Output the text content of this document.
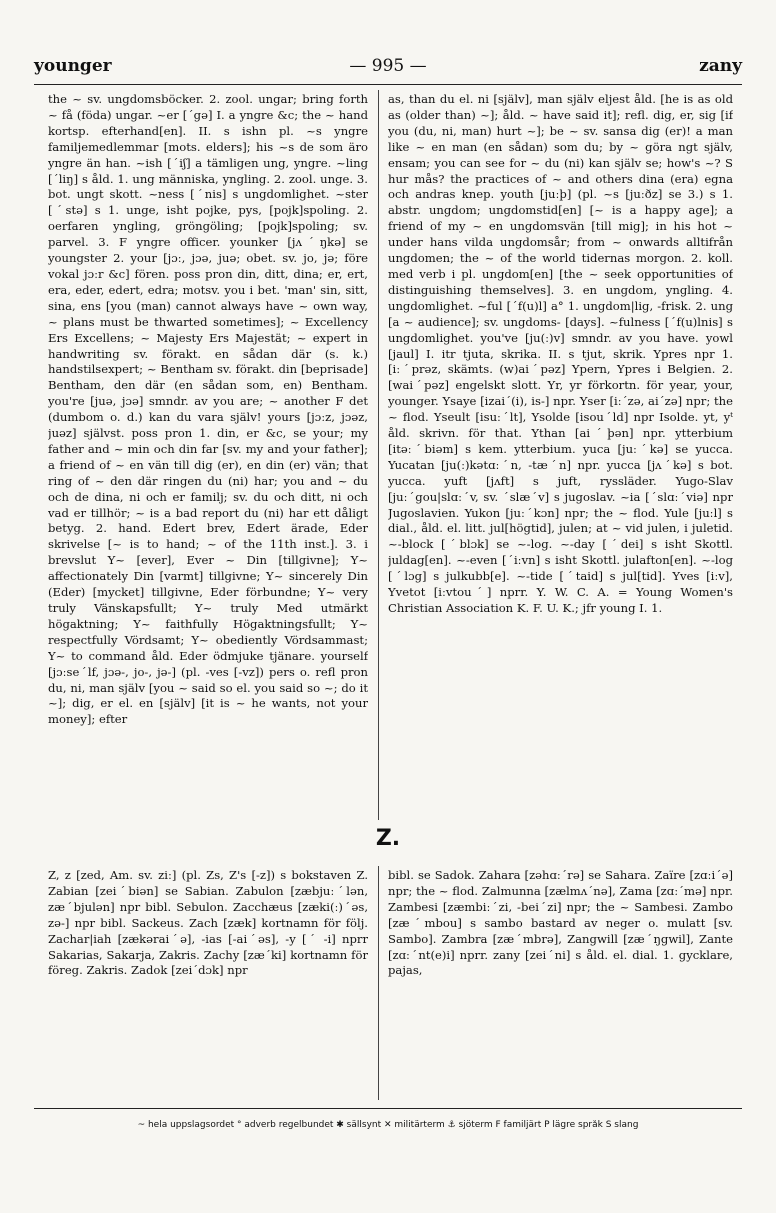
younger	— 995 —	zany

the ~ sv. ungdomsböcker. 2. zool. ungar; bring forth ~ få (föda) ungar. ~er [ˊgə] I. a yngre &c; the ~ hand kortsp. efterhand[en]. II. s ishn pl. ~s yngre familjemedlemmar [mots. elders]; his ~s de som äro yngre än han. ~ish [ˊiʃ] a tämligen ung, yngre. ~ling [ˊliŋ] s åld. 1. ung människa, yngling. 2. zool. unge. 3. bot. ungt skott. ~ness [ˊnis] s ungdomlighet. ~ster [ˊstə] s 1. unge, isht pojke, pys, [pojk]spoling. 2. oerfaren yngling, gröngöling; [pojk]spoling; sv. parvel. 3. F yngre officer. younker [jʌˊŋkə] se youngster 2. your [jɔː, jɔə, juə; obet. sv. jo, jə; före vokal jɔːr &c] fören. poss pron din, ditt, dina; er, ert, era, eder, edert, edra; motsv. you i bet. 'man' sin, sitt, sina, ens [you (man) cannot always have ~ own way, ~ plans must be thwarted sometimes]; ~ Excellency Ers Excellens; ~ Majesty Ers Majestät; ~ expert in handwriting sv. förakt. en sådan där (s. k.) handstilsexpert; ~ Bentham sv. förakt. din [beprisade] Bentham, den där (en sådan som, en) Bentham. you're [juə, jɔə] smndr. av you are; ~ another F det (dumbom o. d.) kan du vara själv! yours [jɔːz, jɔəz, juəz] självst. poss pron 1. din, er &c, se your; my father and ~ min och din far [sv. my and your father]; a friend of ~ en vän till dig (er), en din (er) vän; that ring of ~ den där ringen du (ni) har; you and ~ du och de dina, ni och er familj; sv. du och ditt, ni och vad er tillhör; ~ is a bad report du (ni) har ett dåligt betyg. 2. hand. Edert brev, Edert ärade, Eder skrivelse [~ is to hand; ~ of the 11th inst.]. 3. i brevslut Y~ [ever], Ever ~ Din [tillgivne]; Y~ affectionately Din [varmt] tillgivne; Y~ sincerely Din (Eder) [mycket] tillgivne, Eder förbundne; Y~ very truly Vänskapsfullt; Y~ truly Med utmärkt högaktning; Y~ faithfully Högaktningsfullt; Y~ respectfully Vördsamt; Y~ obediently Vördsammast; Y~ to command åld. Eder ödmjuke tjänare. yourself [jɔːseˊlf, jɔə-, jo-, jə-] (pl. -ves [-vz]) pers o. refl pron du, ni, man själv [you ~ said so el. you said so ~; do it ~]; dig, er el. en [själv] [it is ~ he wants, not your money]; efter

as, than du el. ni [själv], man själv eljest åld. [he is as old as (older than) ~]; åld. ~ have said it]; refl. dig, er, sig [if you (du, ni, man) hurt ~]; be ~ sv. sansa dig (er)! a man like ~ en man (en sådan) som du; by ~ göra ngt själv, ensam; you can see for ~ du (ni) kan själv se; how's ~? S hur mås? the practices of ~ and others dina (era) egna och andras knep. youth [juːþ] (pl. ~s [juːðz] se 3.) s 1. abstr. ungdom; ungdomstid[en] [~ is a happy age]; a friend of my ~ en ungdomsvän [till mig]; in his hot ~ under hans vilda ungdomsår; from ~ onwards alltifrån ungdomen; the ~ of the world tidernas morgon. 2. koll. med verb i pl. ungdom[en] [the ~ seek opportunities of distinguishing themselves]. 3. en ungdom, yngling. 4. ungdomlighet. ~ful [ˊf(u)l] a° 1. ungdom|lig, -frisk. 2. ung [a ~ audience]; sv. ungdoms- [days]. ~fulness [ˊf(u)lnis] s ungdomlighet. you've [ju(ː)v] smndr. av you have. yowl [jaul] I. itr tjuta, skrika. II. s tjut, skrik. Ypres npr 1. [iːˊprəz, skämts. (w)aiˊpəz] Ypern, Ypres i Belgien. 2. [waiˊpəz] engelskt slott. Yr, yr förkortn. för year, your, younger. Ysaye [izaiˊ(i), is-] npr. Yser [iːˊzə, aiˊzə] npr; the ~ flod. Yseult [isuːˊlt], Ysolde [isouˊld] npr Isolde. yt, yᵗ åld. skrivn. för that. Ythan [aiˊþən] npr. ytterbium [itəːˊbiəm] s kem. ytterbium. yuca [juːˊkə] se yucca. Yucatan [ju(ː)kətɑːˊn, -tæˊn] npr. yucca [jʌˊkə] s bot. yucca. yuft [jʌft] s juft, ryssläder. Yugo-Slav [juːˊgou|slɑːˊv, sv. ˊslæˊv] s jugoslav. ~ia [ˊslɑːˊviə] npr Jugoslavien. Yukon [juːˊkɔn] npr; the ~ flod. Yule [juːl] s dial., åld. el. litt. jul[högtid], julen; at ~ vid julen, i juletid. ~-block [ˊblɔk] se ~-log. ~-day [ˊdei] s isht Skottl. juldag[en]. ~-even [ˊiːvn] s isht Skottl. julafton[en]. ~-log [ˊlɔg] s julkubb[e]. ~-tide [ˊtaid] s jul[tid]. Yves [iːv], Yvetot [iːvtouˊ] nprr. Y. W. C. A. = Young Women's Christian Association K. F. U. K.; jfr young I. 1.

Z.

Z, z [zed, Am. sv. ziː] (pl. Zs, Z's [-z]) s bokstaven Z. Zabian [zeiˊbiən] se Sabian. Zabulon [zæbjuːˊlən, zæˊbjulən] npr bibl. Sebulon. Zacchæus [zæki(ː)ˊəs, zə-] npr bibl. Sackeus. Zach [zæk] kortnamn för följ. Zachar|iah [zækəraiˊə], -ias [-aiˊəs], -y [ˊ -i] nprr Sakarias, Sakarja, Zakris. Zachy [zæˊki] kortnamn för föreg. Zakris. Zadok [zeiˊdɔk] npr

bibl. se Sadok. Zahara [zəhɑːˊrə] se Sahara. Zaïre [zɑːiˊə] npr; the ~ flod. Zalmunna [zælmʌˊnə], Zama [zɑːˊmə] npr. Zambesi [zæmbiːˊzi, -beiˊzi] npr; the ~ Sambesi. Zambo [zæˊmbou] s sambo bastard av neger o. mulatt [sv. Sambo]. Zambra [zæˊmbrə], Zangwill [zæˊŋgwil], Zante [zɑːˊnt(e)i] nprr. zany [zeiˊni] s åld. el. dial. 1. gycklare, pajas,

~ hela uppslagsordet ° adverb regelbundet ✱ sällsynt ✕ militärterm ⚓ sjöterm F familjärt P lägre språk S slang
